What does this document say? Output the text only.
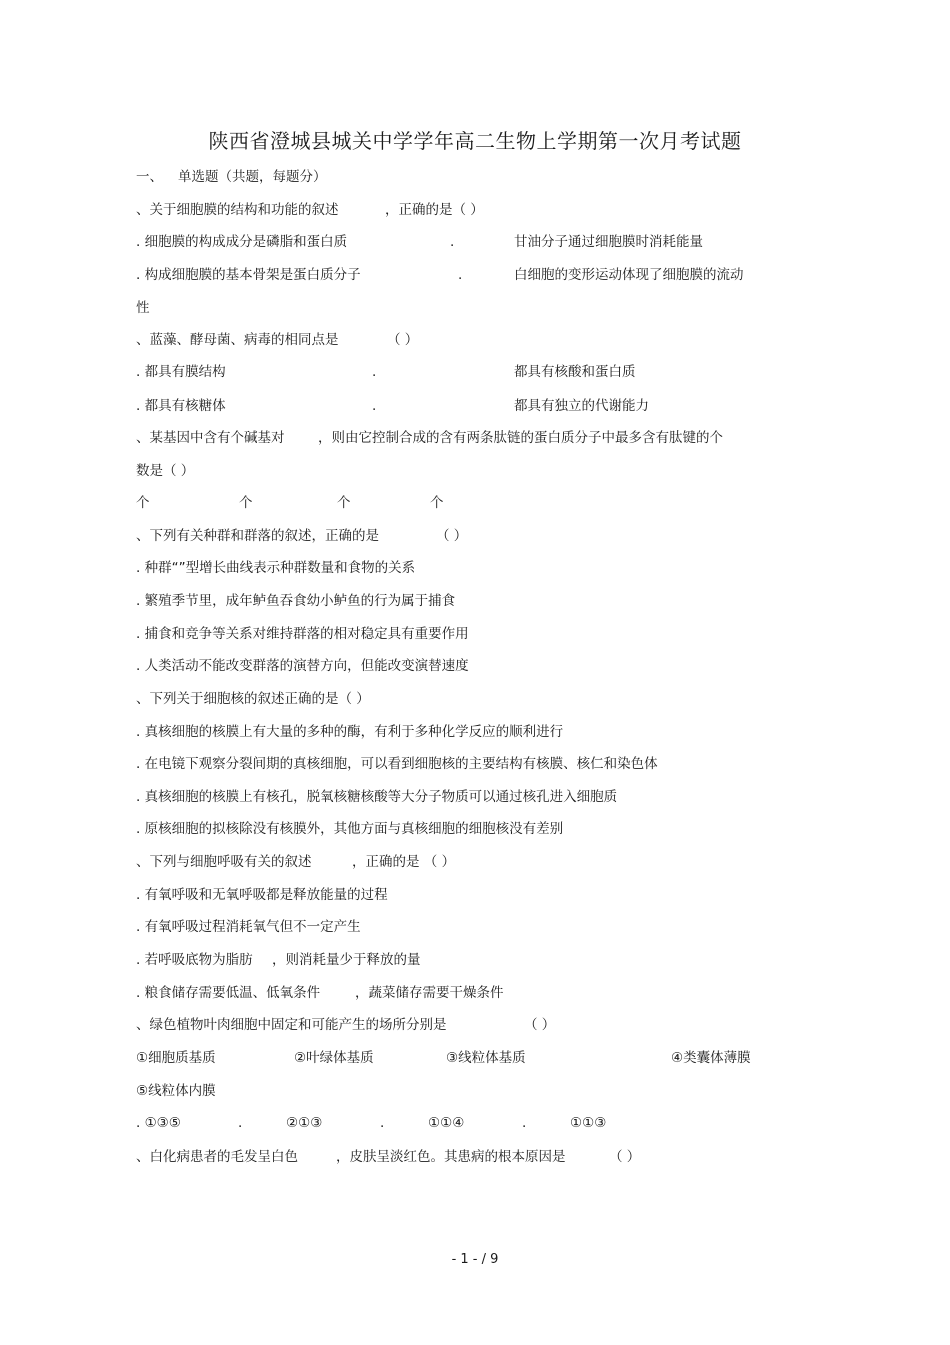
陕西省澄城县城关中学学年高二生物上学期第一次月考试题
一、 单选题（共题，每题分）
、关于细胞膜的结构和功能的叙述	，正确的是（ ）
. 细胞膜的构成成分是磷脂和蛋白质	.	甘油分子通过细胞膜时消耗能量
. 构成细胞膜的基本骨架是蛋白质分子	.	白细胞的变形运动体现了细胞膜的流动
性
、蓝藻、酵母菌、病毒的相同点是	（ ）
. 都具有膜结构	.	都具有核酸和蛋白质
. 都具有核糖体	.	都具有独立的代谢能力
、某基因中含有个碱基对 ，则由它控制合成的含有两条肽链的蛋白质分子中最多含有肽键的个
数是（ ）
个	个	个	个
、下列有关种群和群落的叙述，正确的是	（ ）
. 种群“”型增长曲线表示种群数量和食物的关系
. 繁殖季节里，成年鲈鱼吞食幼小鲈鱼的行为属于捕食
. 捕食和竞争等关系对维持群落的相对稳定具有重要作用
. 人类活动不能改变群落的演替方向，但能改变演替速度
、下列关于细胞核的叙述正确的是（ ）
. 真核细胞的核膜上有大量的多种的酶，有利于多种化学反应的顺利进行
. 在电镜下观察分裂间期的真核细胞，可以看到细胞核的主要结构有核膜、核仁和染色体
. 真核细胞的核膜上有核孔，脱氧核糖核酸等大分子物质可以通过核孔进入细胞质
. 原核细胞的拟核除没有核膜外，其他方面与真核细胞的细胞核没有差别
、下列与细胞呼吸有关的叙述	，正确的是 （ ）
. 有氧呼吸和无氧呼吸都是释放能量的过程
. 有氧呼吸过程消耗氧气但不一定产生
. 若呼吸底物为脂肪 ，则消耗量少于释放的量
. 粮食储存需要低温、低氧条件	，蔬菜储存需要干燥条件
、绿色植物叶肉细胞中固定和可能产生的场所分别是	（ ）
①细胞质基质	②叶绿体基质	③线粒体基质	④类囊体薄膜
⑤线粒体内膜
. ①③⑤	.	②①③	.	①①④	.	①①③
、白化病患者的毛发呈白色	，皮肤呈淡红色。其患病的根本原因是	（ ）
- 1 - / 9
